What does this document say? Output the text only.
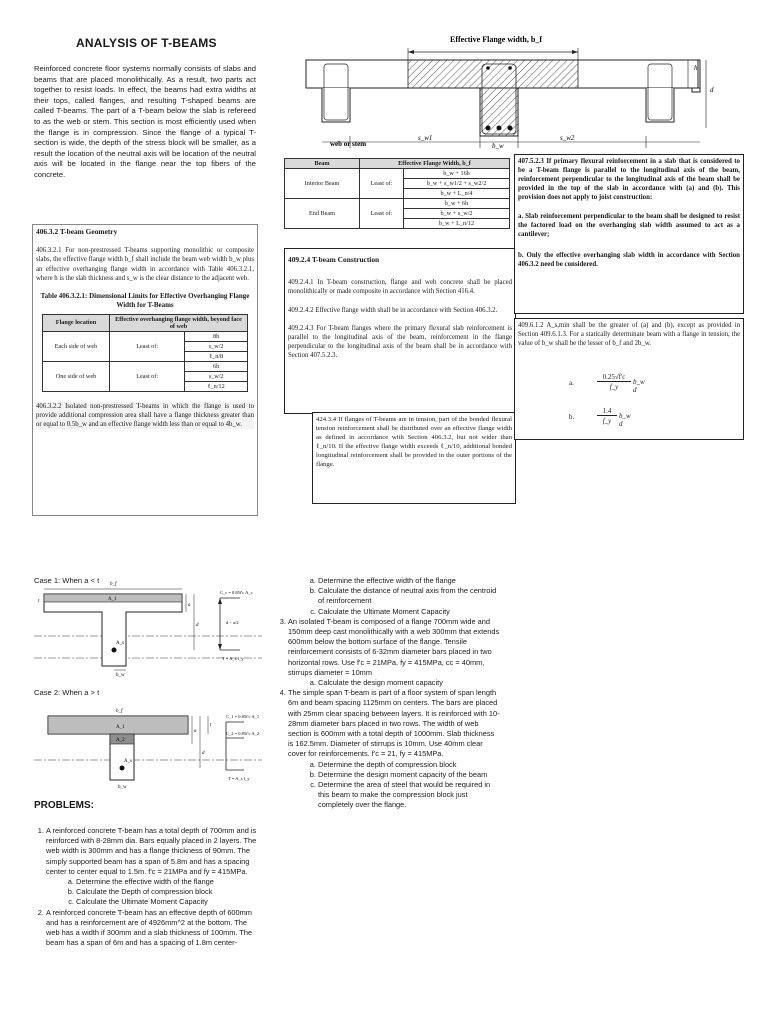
ANALYSIS OF T-BEAMS
Reinforced concrete floor systems normally consists of slabs and beams that are placed monolithically. As a result, two parts act together to resist loads. In effect, the beams had extra widths at their tops, called flanges, and resulting T-shaped beams are called T-beams. The part of a T-beam below the slab is refereed to as the web or stem. This section is most efficiently used when the flange is in compression. Since the flange of a typical T-section is wide, the depth of the stress block will be smaller, as a result the location of the neutral axis will be location of the neutral axis will be located in the flange near the top fibers of the concrete.
Effective Flange width, b_f
web or stem
s_w1
b_w
s_w2
h
d
406.3.2 T-beam Geometry
406.3.2.1 For non-prestressed T-beams supporting monolithic or composite slabs, the effective flange width b_f shall include the beam web width b_w plus an effective overhanging flange width in accordance with Table 406.3.2.1, where h is the slab thickness and s_w is the clear distance to the adjacent web.
Table 406.3.2.1: Dimensional Limits for Effective Overhanging Flange Width for T-Beams
Flange location	Effective overhanging flange width, beyond face of web	
Each side of web	Least of:	8h
		s_w/2
		ℓ_n/8
One side of web	Least of:	6h
		s_w/2
		ℓ_n/12
406.3.2.2 Isolated non-prestressed T-beams in which the flange is used to provide additional compression area shall have a flange thickness greater than or equal to 0.5b_w and an effective flange width less than or equal to 4b_w.
Beam	Effective Flange Width, b_f	
Interior Beam	Least of:	b_w + 16h
		b_w + s_w1/2 + s_w2/2
		b_w + L_n/4
End Beam	Least of:	b_w + 6h
		b_w + s_w/2
		b_w + L_n/12
409.2.4 T-beam Construction
409.2.4.1 In T-beam construction, flange and web concrete shall be placed monolithically or made composite in accordance with Section 416.4.
409.2.4.2 Effective flange width shall be in accordance with Section 406.3.2.
409.2.4.3 For T-beam flanges where the primary flexural slab reinforcement is parallel to the longitudinal axis of the beam, reinforcement in the flange perpendicular to the longitudinal axis of the beam shall be in accordance with Section 407.5.2.3.
424.3.4 If flanges of T-beams are in tension, part of the bonded flexural tension reinforcement shall be distributed over an effective flange width as defined in accordance with Section 406.3.2, but not wider than ℓ_n/10. If the effective flange width exceeds ℓ_n/10, additional bonded longitudinal reinforcement shall be provided in the outer portions of the flange.
407.5.2.3 If primary flexural reinforcement in a slab that is considered to be a T-beam flange is parallel to the longitudinal axis of the beam, reinforcement perpendicular to the longitudinal axis of the beam shall be provided in the top of the slab in accordance with (a) and (b). This provision does not apply to joist construction:
a. Slab reinforcement perpendicular to the beam shall be designed to resist the factored load on the overhanging slab width assumed to act as a cantilever;
b. Only the effective overhanging slab width in accordance with Section 406.3.2 need be considered.
409.6.1.2 A_s,min shall be the greater of (a) and (b), except as provided in Section 409.6.1.3. For a statically determinate beam with a flange in tension, the value of b_w shall be the lesser of b_f and 2b_w.
a.
0.25√f'c
f_y
b_w d
b.
1.4
f_y
b_w d
Case 1: When a < t b_f
t	A_1
A_s
b_w
a
d
C_c = 0.85f'c A_c
d − a/2
T = A_s f_y
Case 2: When a > t
b_f
A_1
A_2
A_s
b_w
a
d
t
C_1 = 0.85f'c A_1
C_2 = 0.85f'c A_2
T = A_s f_y
PROBLEMS:
1. A reinforced concrete T-beam has a total depth of 700mm and is reinforced with 8-28mm dia. Bars equally placed in 2 layers. The web width is 300mm and has a flange thickness of 90mm. The simply supported beam has a span of 5.8m and has a spacing center to center equal to 1.5m. f'c = 21MPa and fy = 415MPa.
a. Determine the effective width of the flange
b. Calculate the Depth of compression block
c. Calculate the Ultimate Moment Capacity
2. A reinforced concrete T-beam has an effective depth of 600mm and has a reinforcement are of 4926mm^2 at the bottom. The web has a width if 300mm and a slab thickness of 100mm. The beam has a span of 6m and has a spacing of 1.8m center-
a. Determine the effective width of the flange
b. Calculate the distance of neutral axis from the centroid of reinforcement
c. Calculate the Ultimate Moment Capacity
3. An isolated T-beam is composed of a flange 700mm wide and 150mm deep cast monolithically with a web 300mm that extends 600mm below the bottom surface of the flange. Tensile reinforcement consists of 6-32mm diameter bars placed in two horizontal rows. Use f'c = 21MPa, fy = 415MPa, cc = 40mm, stirrups diameter = 10mm
a. Calculate the design moment capacity
4. The simple span T-beam is part of a floor system of span length 6m and beam spacing 1125mm on centers. The bars are placed with 25mm clear spacing between layers. It is reinforced with 10-28mm diameter bars placed in two rows. The width of web section is 600mm with a total depth of 1000mm. Slab thickness is 162.5mm. Diameter of stirrups is 10mm. Use 40mm clear cover for reinforcements. f'c = 21, fy = 415MPa.
a. Determine the depth of compression block
b. Determine the design moment capacity of the beam
c. Determine the area of steel that would be required in this beam to make the compression block just completely over the flange.
